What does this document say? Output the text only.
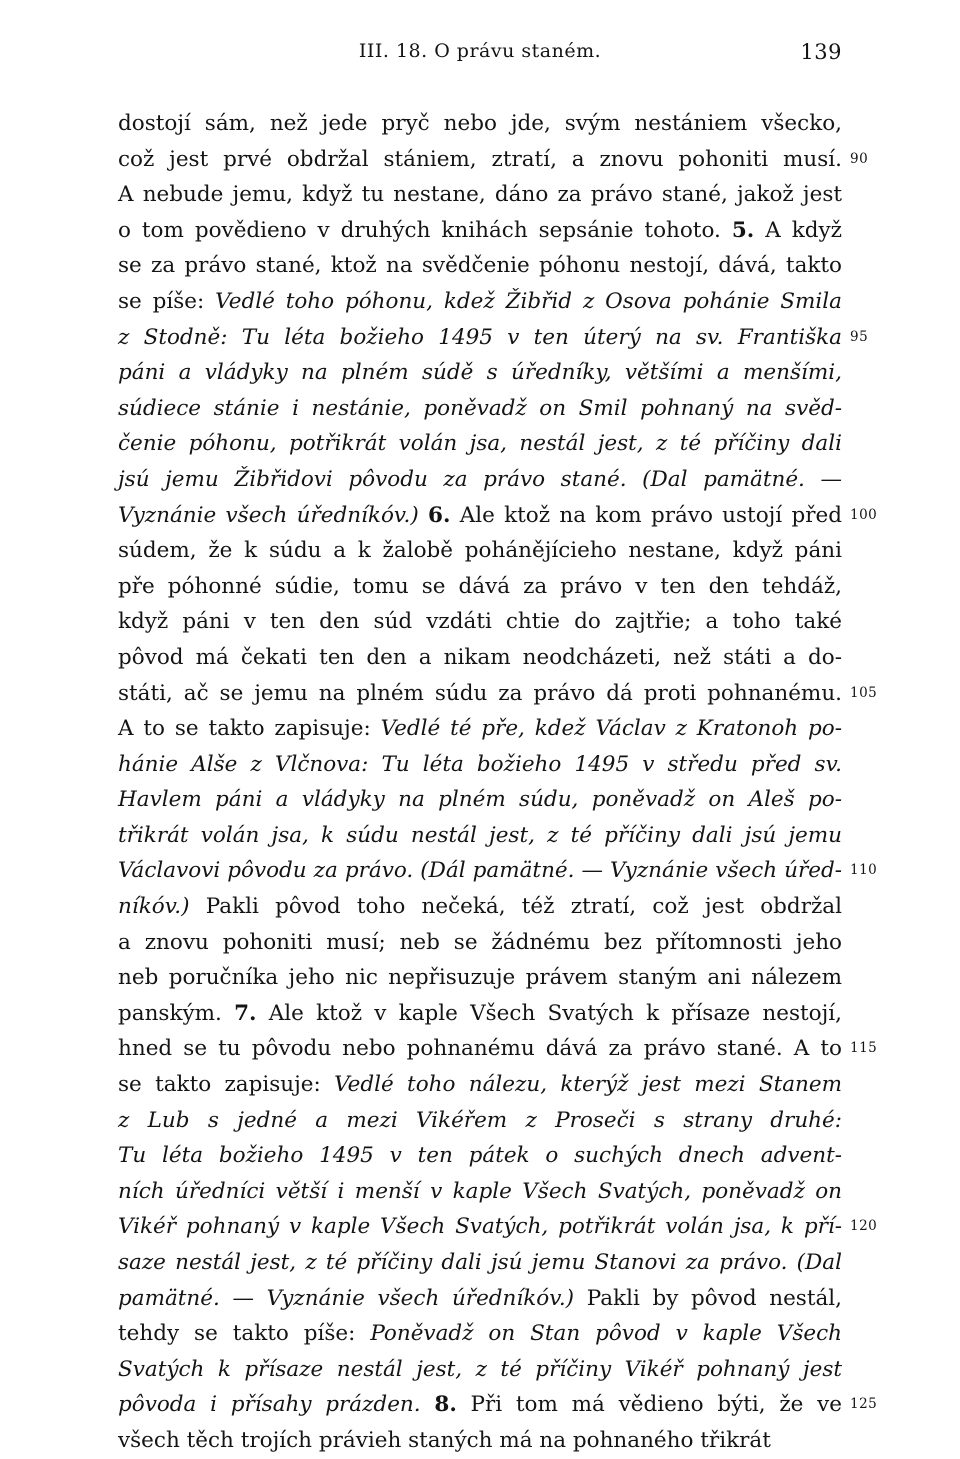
III. 18. O právu staném.	139
dostojí sám, než jede pryč nebo jde, svým nestániem všecko,
což jest prvé obdržal stániem, ztratí, a znovu pohoniti musí. 90
A nebude jemu, když tu nestane, dáno za právo stané, jakož jest
o tom povědieno v druhých knihách sepsánie tohoto. 5. A když
se za právo stané, ktož na svědčenie póhonu nestojí, dává, takto
se píše: Vedlé toho póhonu, kdež Žibřid z Osova pohánie Smila
z Stodně: Tu léta božieho 1495 v ten úterý na sv. Františka 95
páni a vládyky na plném súdě s úředníky, většími a menšími,
súdiece stánie i nestánie, poněvadž on Smil pohnaný na svěd-
čenie póhonu, potřikrát volán jsa, nestál jest, z té příčiny dali
jsú jemu Žibřidovi pôvodu za právo stané. (Dal pamätné. —
Vyznánie všech úředníkóv.) 6. Ale ktož na kom právo ustojí před 100
súdem, že k súdu a k žalobě pohánějícieho nestane, když páni
pře póhonné súdie, tomu se dává za právo v ten den tehdáž,
když páni v ten den súd vzdáti chtie do zajtřie; a toho také
pôvod má čekati ten den a nikam neodcházeti, než státi a do-
státi, ač se jemu na plném súdu za právo dá proti pohnanému. 105
A to se takto zapisuje: Vedlé té pře, kdež Václav z Kratonoh po-
hánie Alše z Vlčnova: Tu léta božieho 1495 v středu před sv.
Havlem páni a vládyky na plném súdu, poněvadž on Aleš po-
třikrát volán jsa, k súdu nestál jest, z té příčiny dali jsú jemu
Václavovi pôvodu za právo. (Dál pamätné. — Vyznánie všech úřed- 110
níkóv.) Pakli pôvod toho nečeká, též ztratí, což jest obdržal
a znovu pohoniti musí; neb se žádnému bez přítomnosti jeho
neb poručníka jeho nic nepřisuzuje právem staným ani nálezem
panským. 7. Ale ktož v kaple Všech Svatých k přísaze nestojí,
hned se tu pôvodu nebo pohnanému dává za právo stané. A to 115
se takto zapisuje: Vedlé toho nálezu, kterýž jest mezi Stanem
z Lub s jedné a mezi Vikéřem z Proseči s strany druhé:
Tu léta božieho 1495 v ten pátek o suchých dnech advent-
ních úředníci větší i menší v kaple Všech Svatých, poněvadž on
Vikéř pohnaný v kaple Všech Svatých, potřikrát volán jsa, k pří- 120
saze nestál jest, z té příčiny dali jsú jemu Stanovi za právo. (Dal
pamätné. — Vyznánie všech úředníkóv.) Pakli by pôvod nestál,
tehdy se takto píše: Poněvadž on Stan pôvod v kaple Všech
Svatých k přísaze nestál jest, z té příčiny Vikéř pohnaný jest
pôvoda i přísahy prázden. 8. Při tom má vědieno býti, že ve 125
všech těch trojích právieh staných má na pohnaného třikrát
